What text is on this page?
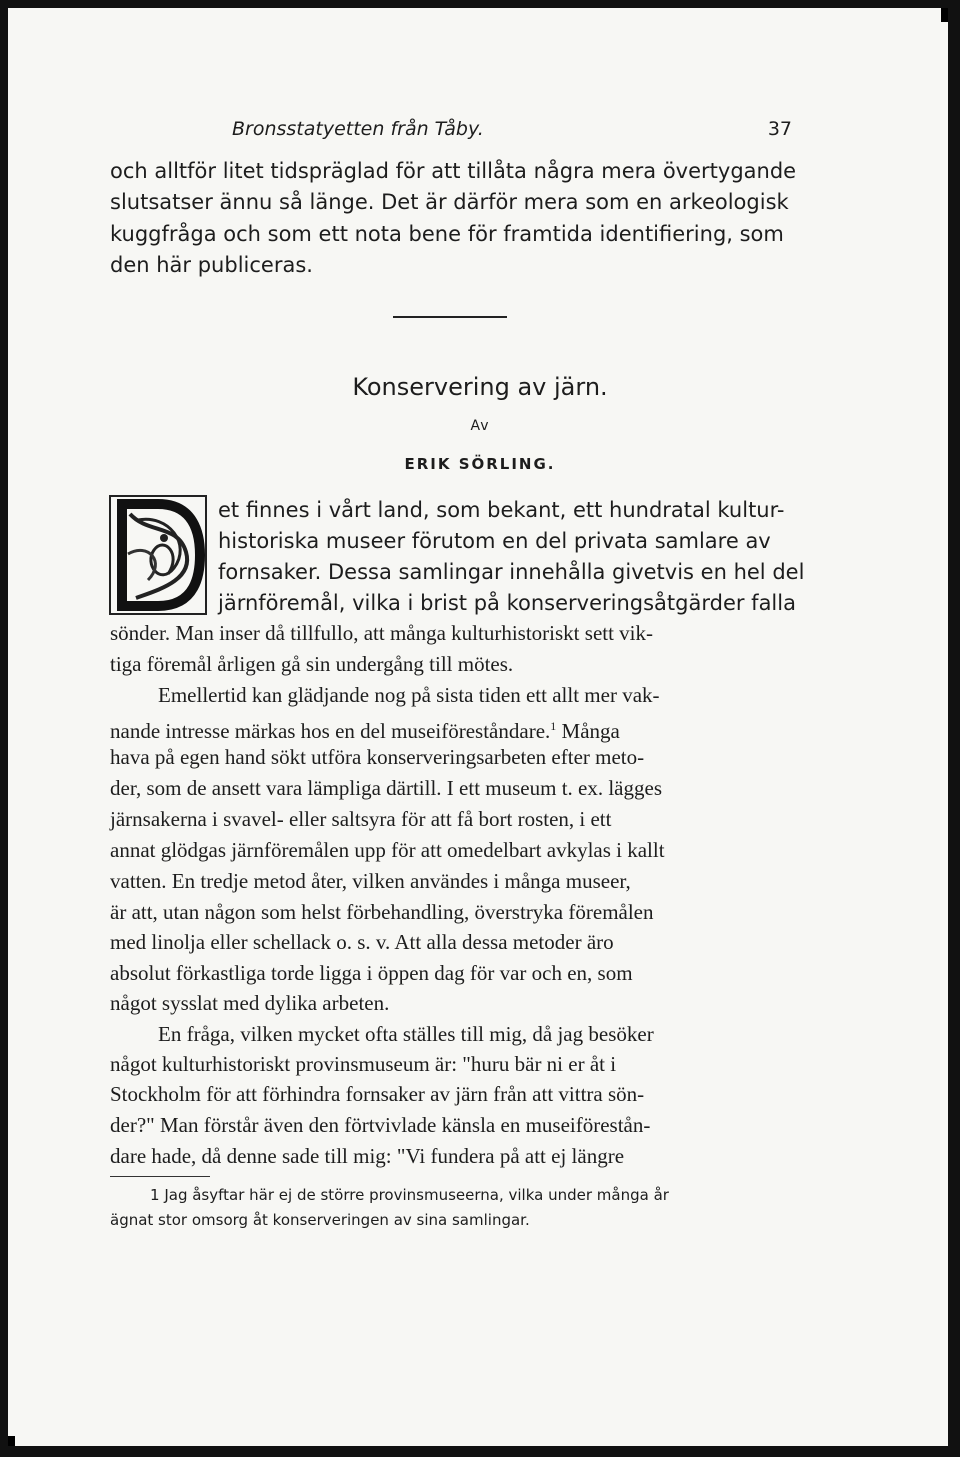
Bronsstatyetten från Tåby.	37
och alltför litet tidspräglad för att tillåta några mera övertygande
slutsatser ännu så länge. Det är därför mera som en arkeologisk
kuggfråga och som ett nota bene för framtida identifiering, som
den här publiceras.
Konservering av järn.
Av
ERIK SÖRLING.
et finnes i vårt land, som bekant, ett hundratal kultur-
historiska museer förutom en del privata samlare av
fornsaker. Dessa samlingar innehålla givetvis en hel del
järnföremål, vilka i brist på konserveringsåtgärder falla
sönder. Man inser då tillfullo, att många kulturhistoriskt sett vik-
tiga föremål årligen gå sin undergång till mötes.
Emellertid kan glädjande nog på sista tiden ett allt mer vak-
nande intresse märkas hos en del museiföreståndare.$^1$ Många
hava på egen hand sökt utföra konserveringsarbeten efter meto-
der, som de ansett vara lämpliga därtill. I ett museum t. ex. lägges
järnsakerna i svavel- eller saltsyra för att få bort rosten, i ett
annat glödgas järnföremålen upp för att omedelbart avkylas i kallt
vatten. En tredje metod åter, vilken användes i många museer,
är att, utan någon som helst förbehandling, överstryka föremålen
med linolja eller schellack o. s. v. Att alla dessa metoder äro
absolut förkastliga torde ligga i öppen dag för var och en, som
något sysslat med dylika arbeten.
En fråga, vilken mycket ofta ställes till mig, då jag besöker
något kulturhistoriskt provinsmuseum är: "huru bär ni er åt i
Stockholm för att förhindra fornsaker av järn från att vittra sön-
der?" Man förstår även den förtvivlade känsla en museiförestån-
dare hade, då denne sade till mig: "Vi fundera på att ej längre
1 Jag åsyftar här ej de större provinsmuseerna, vilka under många år
ägnat stor omsorg åt konserveringen av sina samlingar.
